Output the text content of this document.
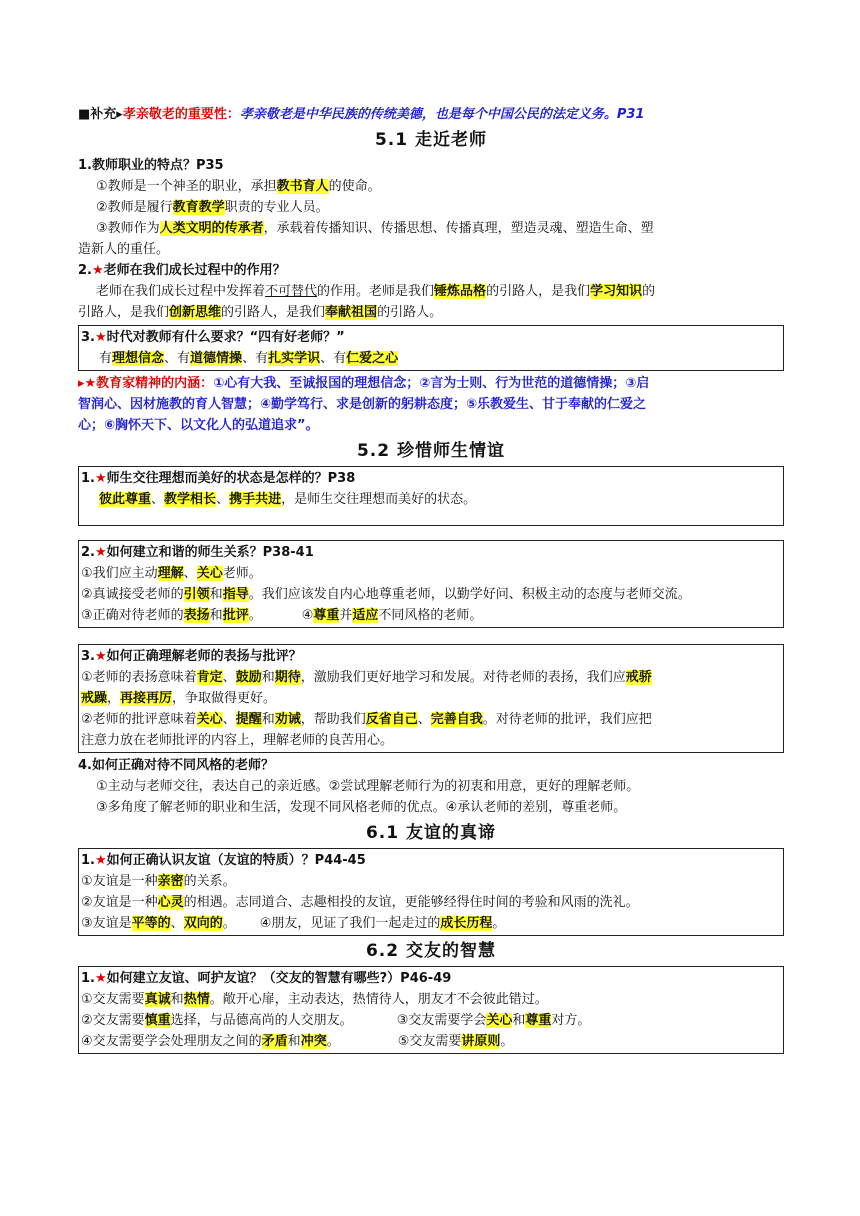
■补充▸孝亲敬老的重要性：孝亲敬老是中华民族的传统美德，也是每个中国公民的法定义务。P31
5.1 走近老师
1.教师职业的特点？P35
①教师是一个神圣的职业，承担教书育人的使命。
②教师是履行教育教学职责的专业人员。
③教师作为人类文明的传承者，承载着传播知识、传播思想、传播真理，塑造灵魂、塑造生命、塑
造新人的重任。
2.★老师在我们成长过程中的作用？
老师在我们成长过程中发挥着不可替代的作用。老师是我们锤炼品格的引路人，是我们学习知识的
引路人，是我们创新思维的引路人，是我们奉献祖国的引路人。
3.★时代对教师有什么要求？“四有好老师？”
有理想信念、有道德情操、有扎实学识、有仁爱之心
▸★教育家精神的内涵：①心有大我、至诚报国的理想信念；②言为士则、行为世范的道德情操；③启
智润心、因材施教的育人智慧；④勤学笃行、求是创新的躬耕态度；⑤乐教爱生、甘于奉献的仁爱之
心；⑥胸怀天下、以文化人的弘道追求”。
5.2 珍惜师生情谊
1.★师生交往理想而美好的状态是怎样的？P38
彼此尊重、教学相长、携手共进，是师生交往理想而美好的状态。
2.★如何建立和谐的师生关系？P38-41
①我们应主动理解、关心老师。
②真诚接受老师的引领和指导。我们应该发自内心地尊重老师，以勤学好问、积极主动的态度与老师交流。
③正确对待老师的表扬和批评。	④尊重并适应不同风格的老师。
3.★如何正确理解老师的表扬与批评？
①老师的表扬意味着肯定、鼓励和期待，激励我们更好地学习和发展。对待老师的表扬，我们应戒骄
戒躁，再接再厉，争取做得更好。
②老师的批评意味着关心、提醒和劝诫，帮助我们反省自己、完善自我。对待老师的批评，我们应把
注意力放在老师批评的内容上，理解老师的良苦用心。
4.如何正确对待不同风格的老师？
①主动与老师交往，表达自己的亲近感。②尝试理解老师行为的初衷和用意，更好的理解老师。
③多角度了解老师的职业和生活，发现不同风格老师的优点。④承认老师的差别，尊重老师。
6.1 友谊的真谛
1.★如何正确认识友谊（友谊的特质）？P44-45
①友谊是一种亲密的关系。
②友谊是一种心灵的相遇。志同道合、志趣相投的友谊，更能够经得住时间的考验和风雨的洗礼。
③友谊是平等的、双向的。 ④朋友，见证了我们一起走过的成长历程。
6.2 交友的智慧
1.★如何建立友谊、呵护友谊？（交友的智慧有哪些?）P46-49
①交友需要真诚和热情。敞开心扉，主动表达，热情待人，朋友才不会彼此错过。
②交友需要慎重选择，与品德高尚的人交朋友。	③交友需要学会关心和尊重对方。
④交友需要学会处理朋友之间的矛盾和冲突。	⑤交友需要讲原则。
